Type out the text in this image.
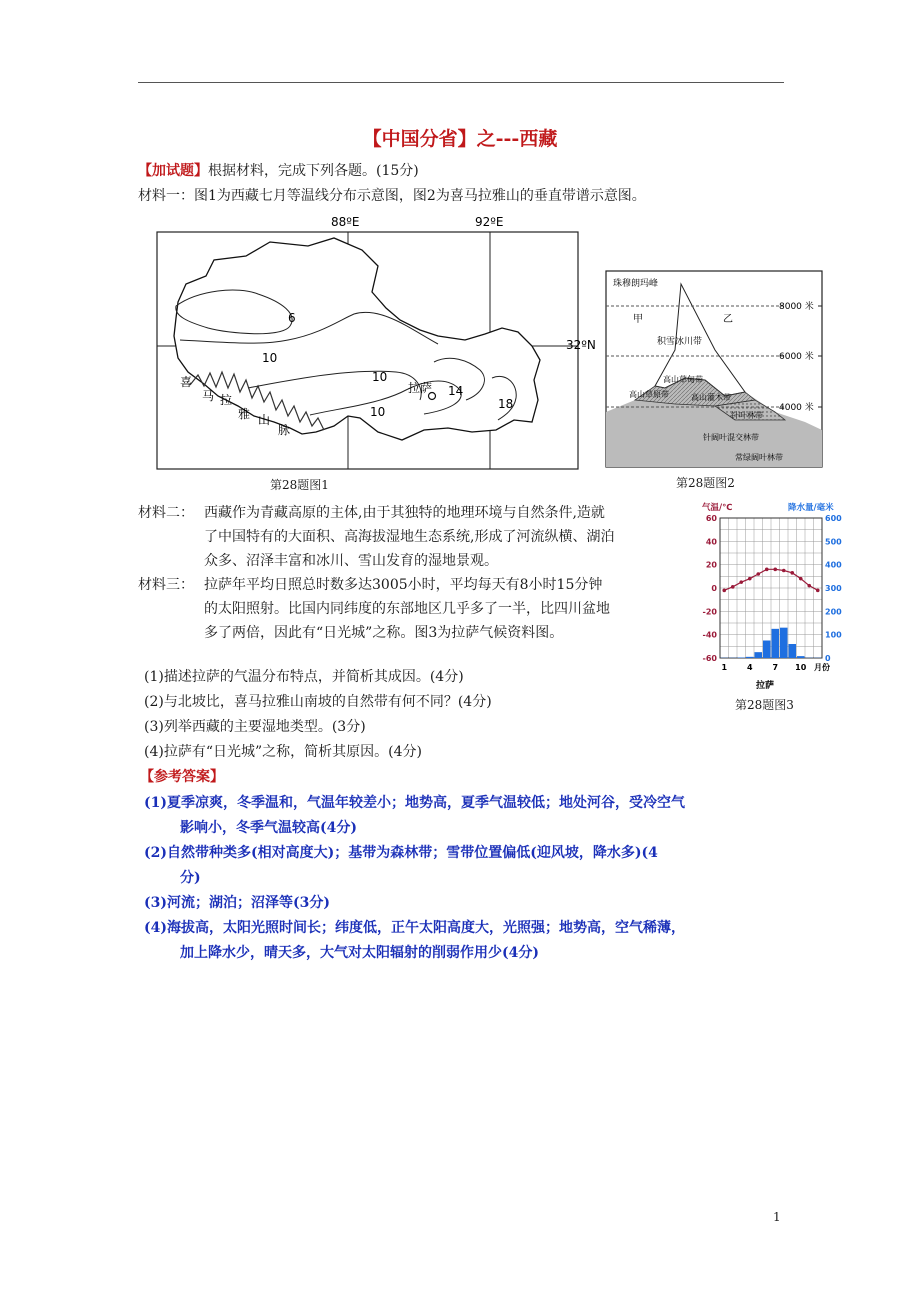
【中国分省】之---西藏
【加试题】根据材料，完成下列各题。(15分)
材料一：图1为西藏七月等温线分布示意图，图2为喜马拉雅山的垂直带谱示意图。
88ºE	92ºE
32ºN
6
10
10
10
14
18
拉萨
喜
马 拉
雅 山
脉
第28题图1
珠穆朗玛峰
甲	乙
8000 米
6000 米
4000 米
积雪冰川带
高山草甸带
高山草原带	高山灌木带
针叶林带
针阔叶混交林带
常绿阔叶林带
第28题图2
材料二： 西藏作为青藏高原的主体,由于其独特的地理环境与自然条件,造就
了中国特有的大面积、高海拔湿地生态系统,形成了河流纵横、湖泊
众多、沼泽丰富和冰川、雪山发育的湿地景观。
材料三： 拉萨年平均日照总时数多达3005小时，平均每天有8小时15分钟
的太阳照射。比国内同纬度的东部地区几乎多了一半，比四川盆地
多了两倍，因此有“日光城”之称。图3为拉萨气候资料图。
气温/℃	降水量/毫米
60
40
20
0
-20
-40
-60
600
500
400
300
200
100
0
1 4 7 10 月份
拉萨
第28题图3
(1)描述拉萨的气温分布特点，并简析其成因。(4分)
(2)与北坡比，喜马拉雅山南坡的自然带有何不同？(4分)
(3)列举西藏的主要湿地类型。(3分)
(4)拉萨有“日光城”之称，简析其原因。(4分)
【参考答案】
(1)夏季凉爽，冬季温和，气温年较差小；地势高，夏季气温较低；地处河谷，受冷空气
影响小，冬季气温较高(4分)
(2)自然带种类多(相对高度大)；基带为森林带；雪带位置偏低(迎风坡，降水多)(4
分)
(3)河流；湖泊；沼泽等(3分)
(4)海拔高，太阳光照时间长；纬度低，正午太阳高度大，光照强；地势高，空气稀薄，
加上降水少，晴天多，大气对太阳辐射的削弱作用少(4分)
1
